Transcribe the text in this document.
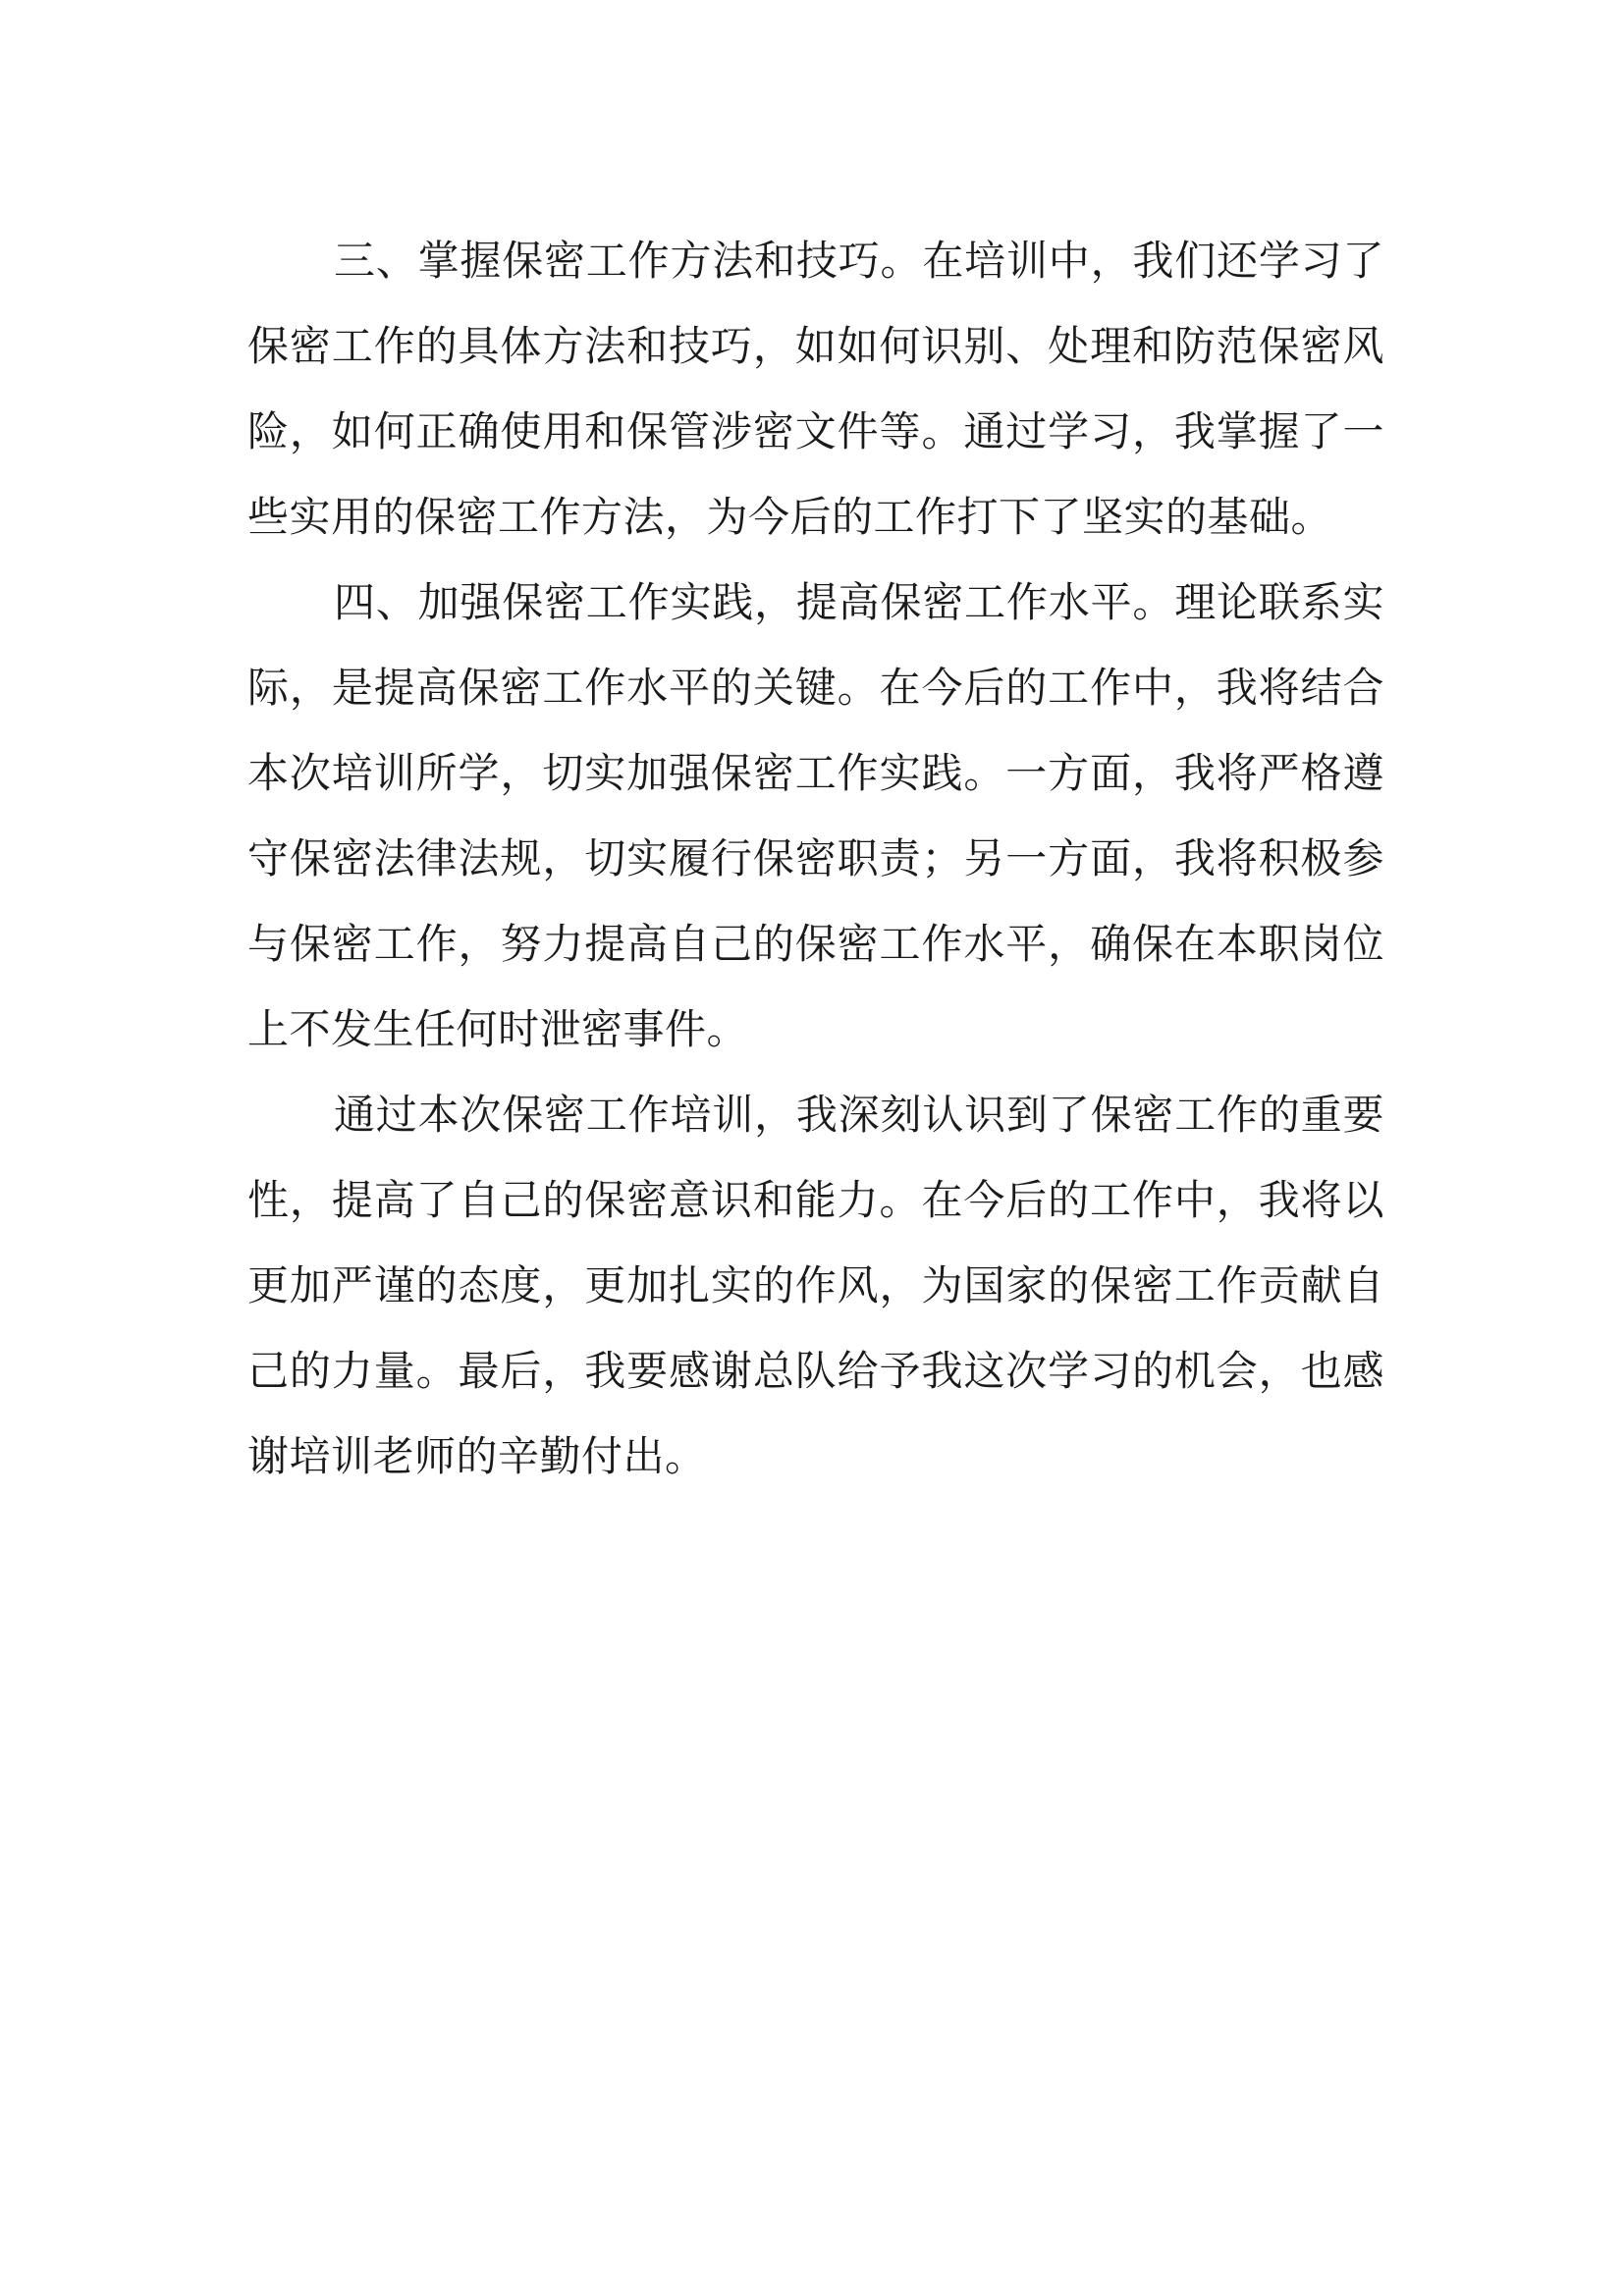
三、掌握保密工作方法和技巧。在培训中，我们还学习了保密工作的具体方法和技巧，如如何识别、处理和防范保密风险，如何正确使用和保管涉密文件等。通过学习，我掌握了一些实用的保密工作方法，为今后的工作打下了坚实的基础。

四、加强保密工作实践，提高保密工作水平。理论联系实际，是提高保密工作水平的关键。在今后的工作中，我将结合本次培训所学，切实加强保密工作实践。一方面，我将严格遵守保密法律法规，切实履行保密职责；另一方面，我将积极参与保密工作，努力提高自己的保密工作水平，确保在本职岗位上不发生任何时泄密事件。

通过本次保密工作培训，我深刻认识到了保密工作的重要性，提高了自己的保密意识和能力。在今后的工作中，我将以更加严谨的态度，更加扎实的作风，为国家的保密工作贡献自己的力量。最后，我要感谢总队给予我这次学习的机会，也感谢培训老师的辛勤付出。
